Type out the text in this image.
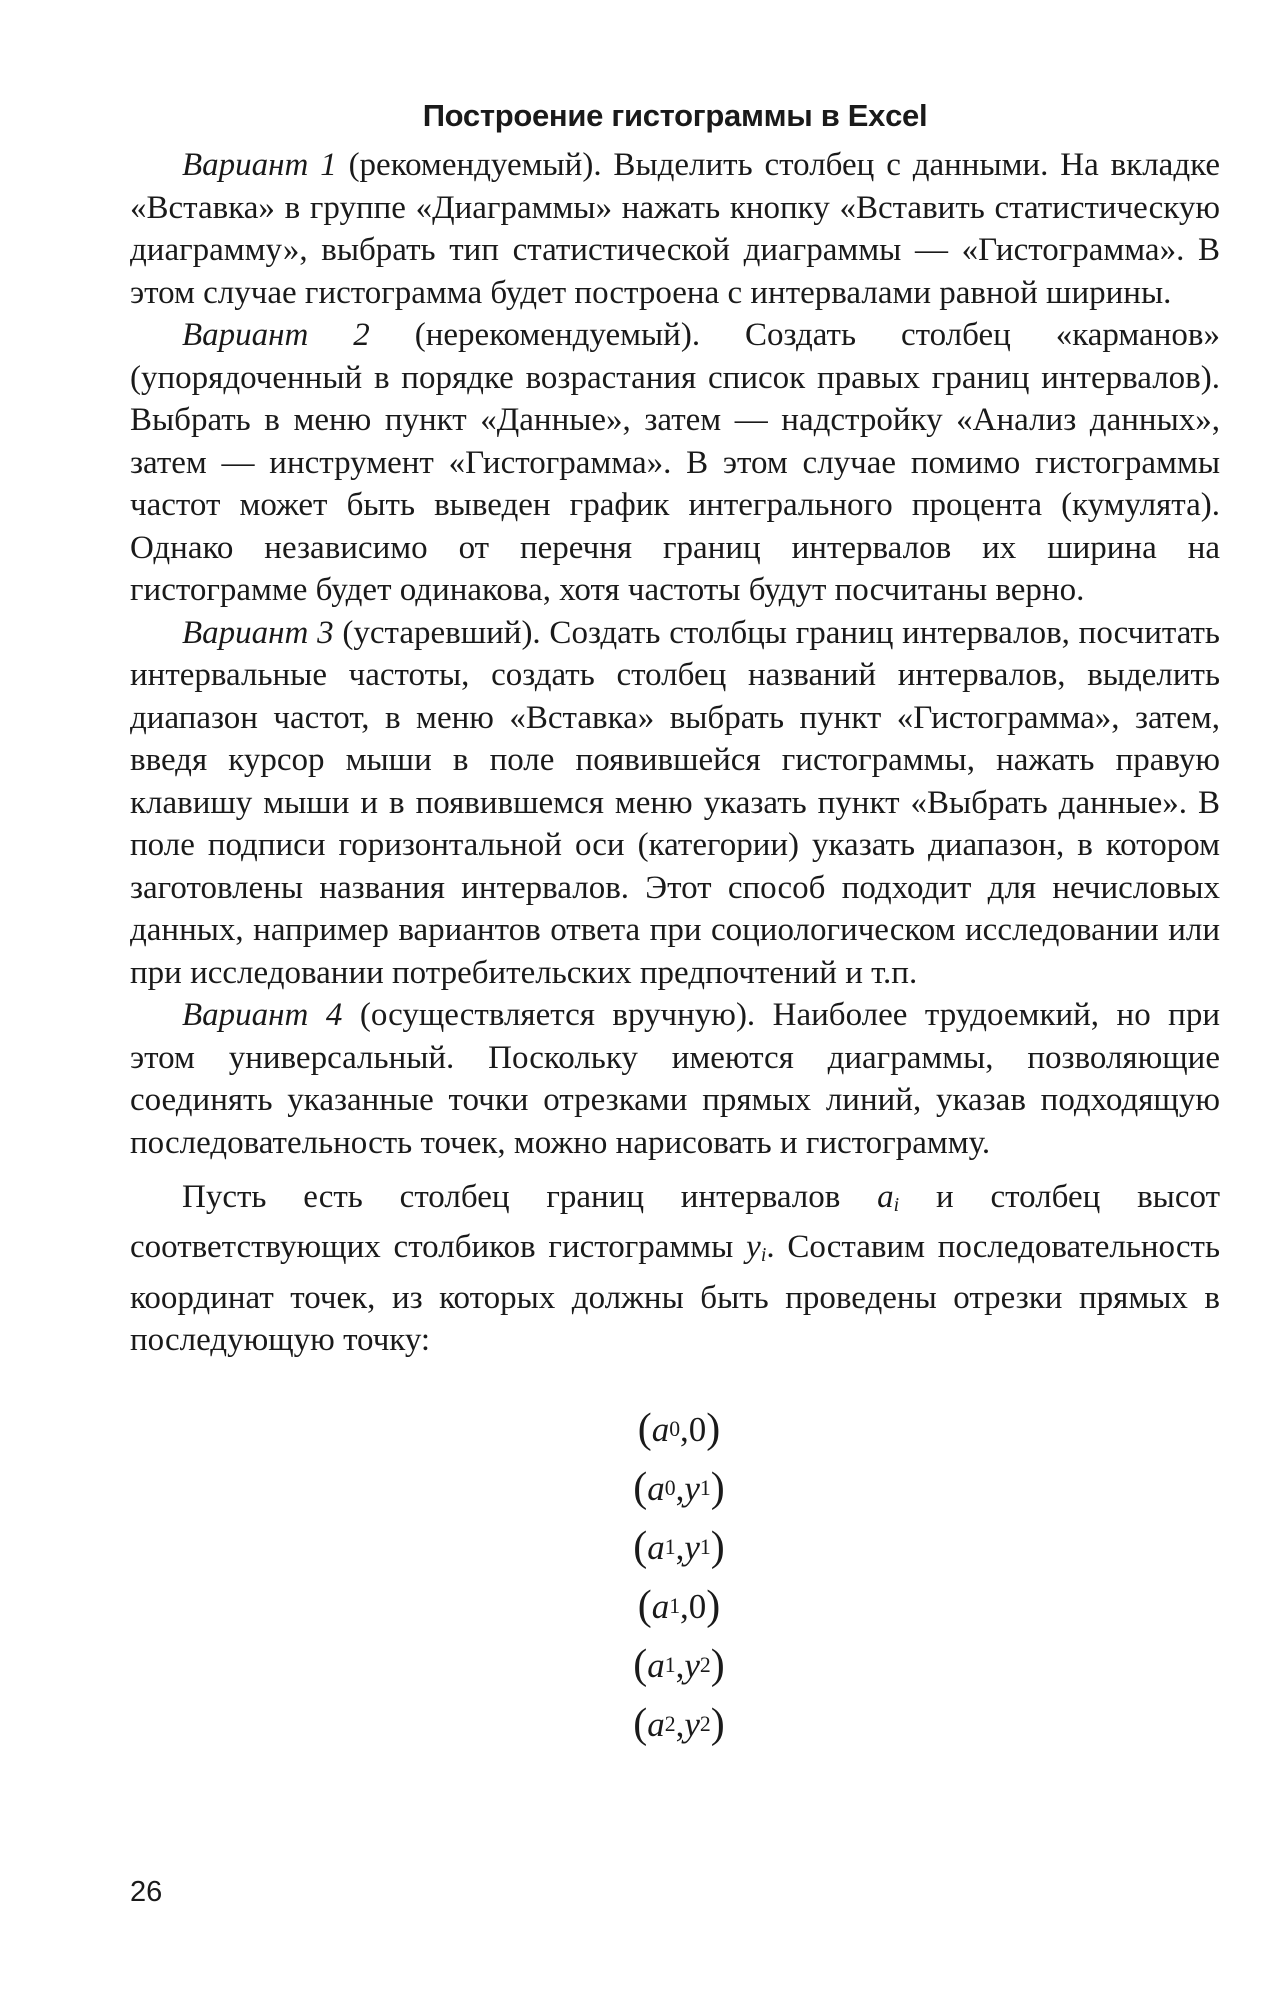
Построение гистограммы в Excel

Вариант 1 (рекомендуемый). Выделить столбец с данными. На вкладке «Вставка» в группе «Диаграммы» нажать кнопку «Вставить статистическую диаграмму», выбрать тип статистической диаграммы — «Гистограмма». В этом случае гистограмма будет построена с интервалами равной ширины.

Вариант 2 (нерекомендуемый). Создать столбец «карманов» (упорядоченный в порядке возрастания список правых границ интервалов). Выбрать в меню пункт «Данные», затем — надстройку «Анализ данных», затем — инструмент «Гистограмма». В этом случае помимо гистограммы частот может быть выведен график интегрального процента (кумулята). Однако независимо от перечня границ интервалов их ширина на гистограмме будет одинакова, хотя частоты будут посчитаны верно.

Вариант 3 (устаревший). Создать столбцы границ интервалов, посчитать интервальные частоты, создать столбец названий интервалов, выделить диапазон частот, в меню «Вставка» выбрать пункт «Гистограмма», затем, введя курсор мыши в поле появившейся гистограммы, нажать правую клавишу мыши и в появившемся меню указать пункт «Выбрать данные». В поле подписи горизонтальной оси (категории) указать диапазон, в котором заготовлены названия интервалов. Этот способ подходит для нечисловых данных, например вариантов ответа при социологическом исследовании или при исследовании потребительских предпочтений и т.п.

Вариант 4 (осуществляется вручную). Наиболее трудоемкий, но при этом универсальный. Поскольку имеются диаграммы, позволяющие соединять указанные точки отрезками прямых линий, указав подходящую последовательность точек, можно нарисовать и гистограмму.

Пусть есть столбец границ интервалов $a_i$ и столбец высот соответствующих столбиков гистограммы $y_i$. Составим последовательность координат точек, из которых должны быть проведены отрезки прямых в последующую точку:

( a 0 , 0 )
( a 0 , y 1 )
( a 1 , y 1 )
( a 1 , 0 )
( a 1 , y 2 )
( a 2 , y 2 )
26
